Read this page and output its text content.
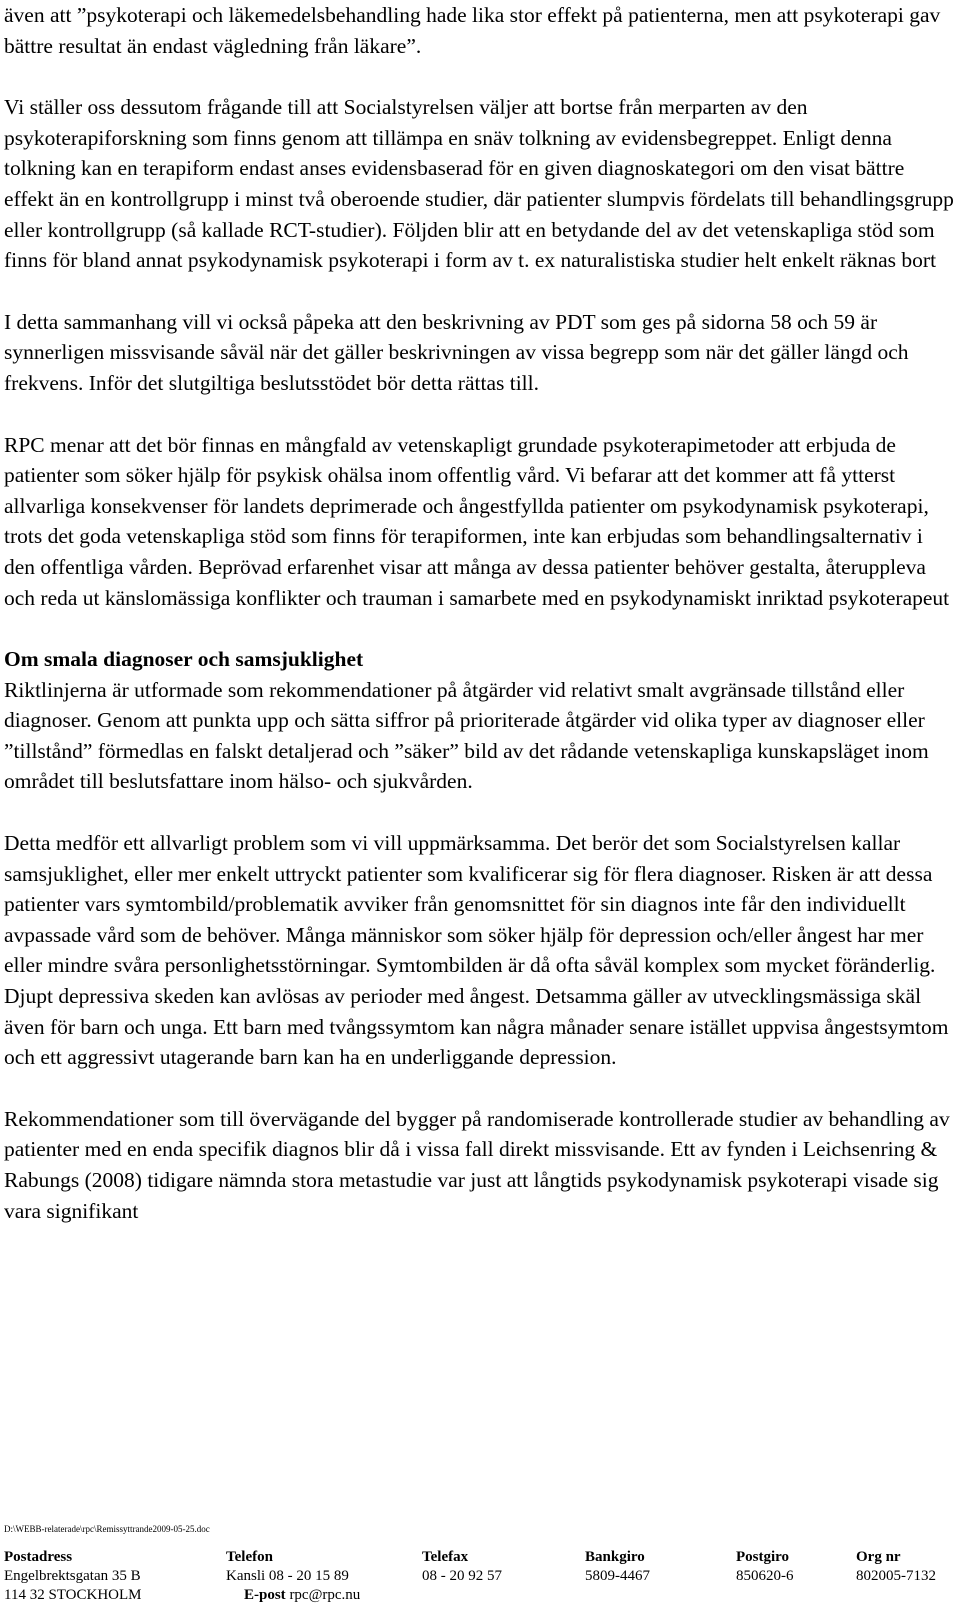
även att ”psykoterapi och läkemedelsbehandling hade lika stor effekt på patienterna, men att psykoterapi gav bättre resultat än endast vägledning från läkare”.

Vi ställer oss dessutom frågande till att Socialstyrelsen väljer att bortse från merparten av den psykoterapiforskning som finns genom att tillämpa en snäv tolkning av evidensbegreppet. Enligt denna tolkning kan en terapiform endast anses evidensbaserad för en given diagnoskategori om den visat bättre effekt än en kontrollgrupp i minst två oberoende studier, där patienter slumpvis fördelats till behandlingsgrupp eller kontrollgrupp (så kallade RCT-studier). Följden blir att en betydande del av det vetenskapliga stöd som finns för bland annat psykodynamisk psykoterapi i form av t. ex naturalistiska studier helt enkelt räknas bort

I detta sammanhang vill vi också påpeka att den beskrivning av PDT som ges på sidorna 58 och 59 är synnerligen missvisande såväl när det gäller beskrivningen av vissa begrepp som när det gäller längd och frekvens. Inför det slutgiltiga beslutsstödet bör detta rättas till.

RPC menar att det bör finnas en mångfald av vetenskapligt grundade psykoterapimetoder att erbjuda de patienter som söker hjälp för psykisk ohälsa inom offentlig vård. Vi befarar att det kommer att få ytterst allvarliga konsekvenser för landets deprimerade och ångestfyllda patienter om psykodynamisk psykoterapi, trots det goda vetenskapliga stöd som finns för terapiformen, inte kan erbjudas som behandlingsalternativ i den offentliga vården. Beprövad erfarenhet visar att många av dessa patienter behöver gestalta, återuppleva och reda ut känslomässiga konflikter och trauman i samarbete med en psykodynamiskt inriktad psykoterapeut

Om smala diagnoser och samsjuklighet

Riktlinjerna är utformade som rekommendationer på åtgärder vid relativt smalt avgränsade tillstånd eller diagnoser. Genom att punkta upp och sätta siffror på prioriterade åtgärder vid olika typer av diagnoser eller ”tillstånd” förmedlas en falskt detaljerad och ”säker” bild av det rådande vetenskapliga kunskapsläget inom området till beslutsfattare inom hälso- och sjukvården.

Detta medför ett allvarligt problem som vi vill uppmärksamma. Det berör det som Socialstyrelsen kallar samsjuklighet, eller mer enkelt uttryckt patienter som kvalificerar sig för flera diagnoser. Risken är att dessa patienter vars symtombild/problematik avviker från genomsnittet för sin diagnos inte får den individuellt avpassade vård som de behöver. Många människor som söker hjälp för depression och/eller ångest har mer eller mindre svåra personlighetsstörningar. Symtombilden är då ofta såväl komplex som mycket föränderlig. Djupt depressiva skeden kan avlösas av perioder med ångest. Detsamma gäller av utvecklingsmässiga skäl även för barn och unga. Ett barn med tvångssymtom kan några månader senare istället uppvisa ångestsymtom och ett aggressivt utagerande barn kan ha en underliggande depression.

Rekommendationer som till övervägande del bygger på randomiserade kontrollerade studier av behandling av patienter med en enda specifik diagnos blir då i vissa fall direkt missvisande. Ett av fynden i Leichsenring & Rabungs (2008) tidigare nämnda stora metastudie var just att långtids psykodynamisk psykoterapi visade sig vara signifikant

D:\WEBB-relaterade\rpc\Remissyttrande2009-05-25.doc
Postadress	Telefon	Telefax	Bankgiro	Postgiro	Org nr
Engelbrektsgatan 35 B	Kansli 08 - 20 15 89	08 - 20 92 57	5809-4467	850620-6	802005-7132
114 32 STOCKHOLM	E-post rpc@rpc.nu
